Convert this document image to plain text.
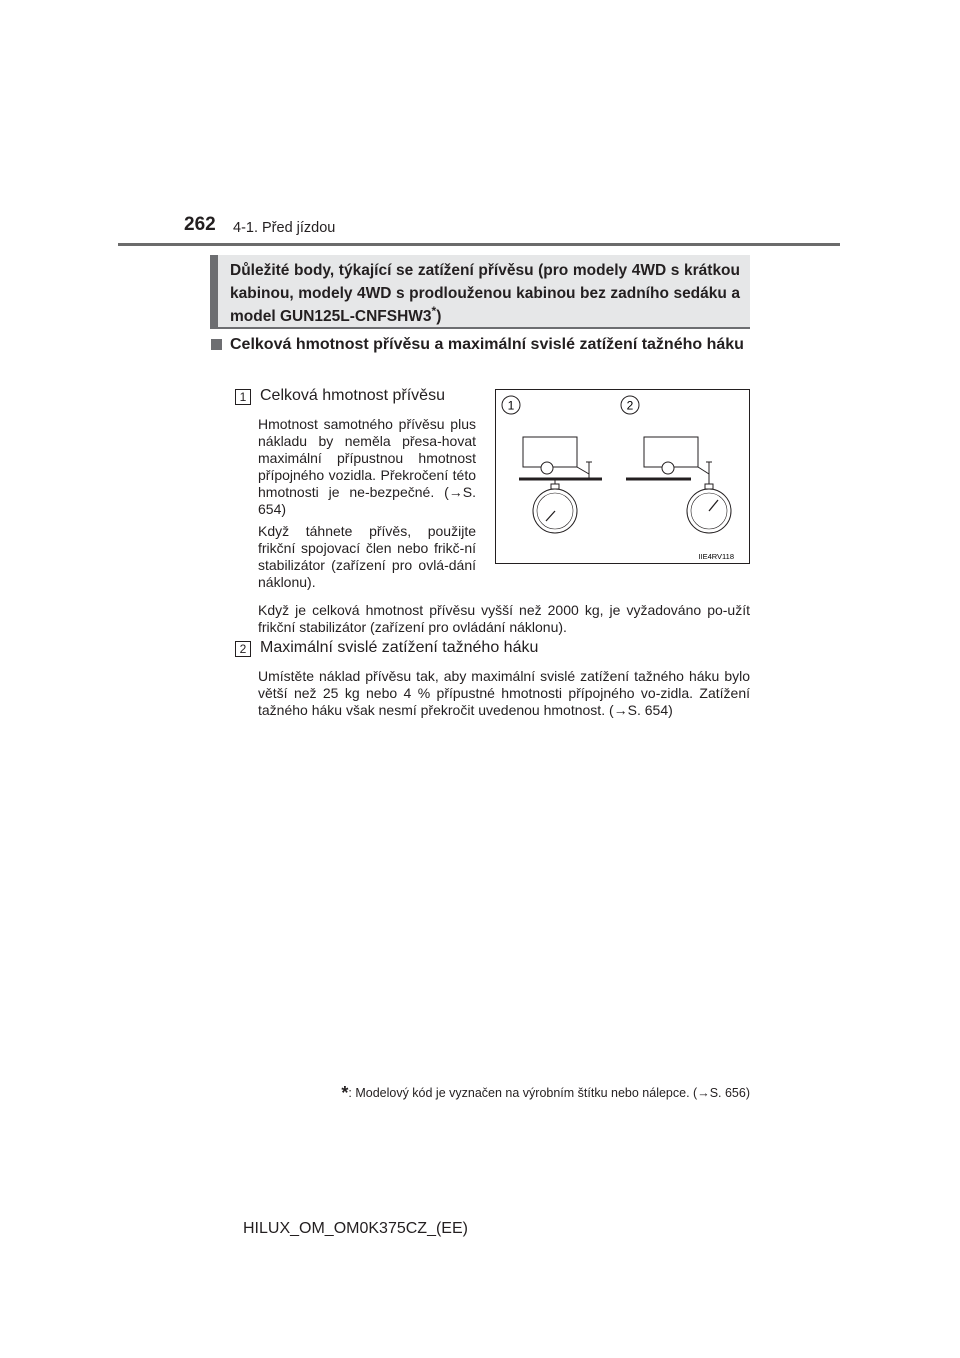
262 4-1. Před jízdou
Důležité body, týkající se zatížení přívěsu (pro modely 4WD s krátkou kabinou, modely 4WD s prodlouženou kabinou bez zadního sedáku a model GUN125L-CNFSHW3*)
Celková hmotnost přívěsu a maximální svislé zatížení tažného háku
1 Celková hmotnost přívěsu

Hmotnost samotného přívěsu plus nákladu by neměla přesa-hovat maximální přípustnou hmotnost přípojného vozidla. Překročení této hmotnosti je ne-bezpečné. (→S. 654)

Když táhnete přívěs, použijte frikční spojovací člen nebo frikč-ní stabilizátor (zařízení pro ovlá-dání náklonu).

Když je celková hmotnost přívěsu vyšší než 2000 kg, je vyžadováno po-užít frikční stabilizátor (zařízení pro ovládání náklonu).

1	2
IIE4RV118
2 Maximální svislé zatížení tažného háku

Umístěte náklad přívěsu tak, aby maximální svislé zatížení tažného háku bylo větší než 25 kg nebo 4 % přípustné hmotnosti přípojného vo-zidla. Zatížení tažného háku však nesmí překročit uvedenou hmotnost. (→S. 654)

*: Modelový kód je vyznačen na výrobním štítku nebo nálepce. (→S. 656)
HILUX_OM_OM0K375CZ_(EE)
